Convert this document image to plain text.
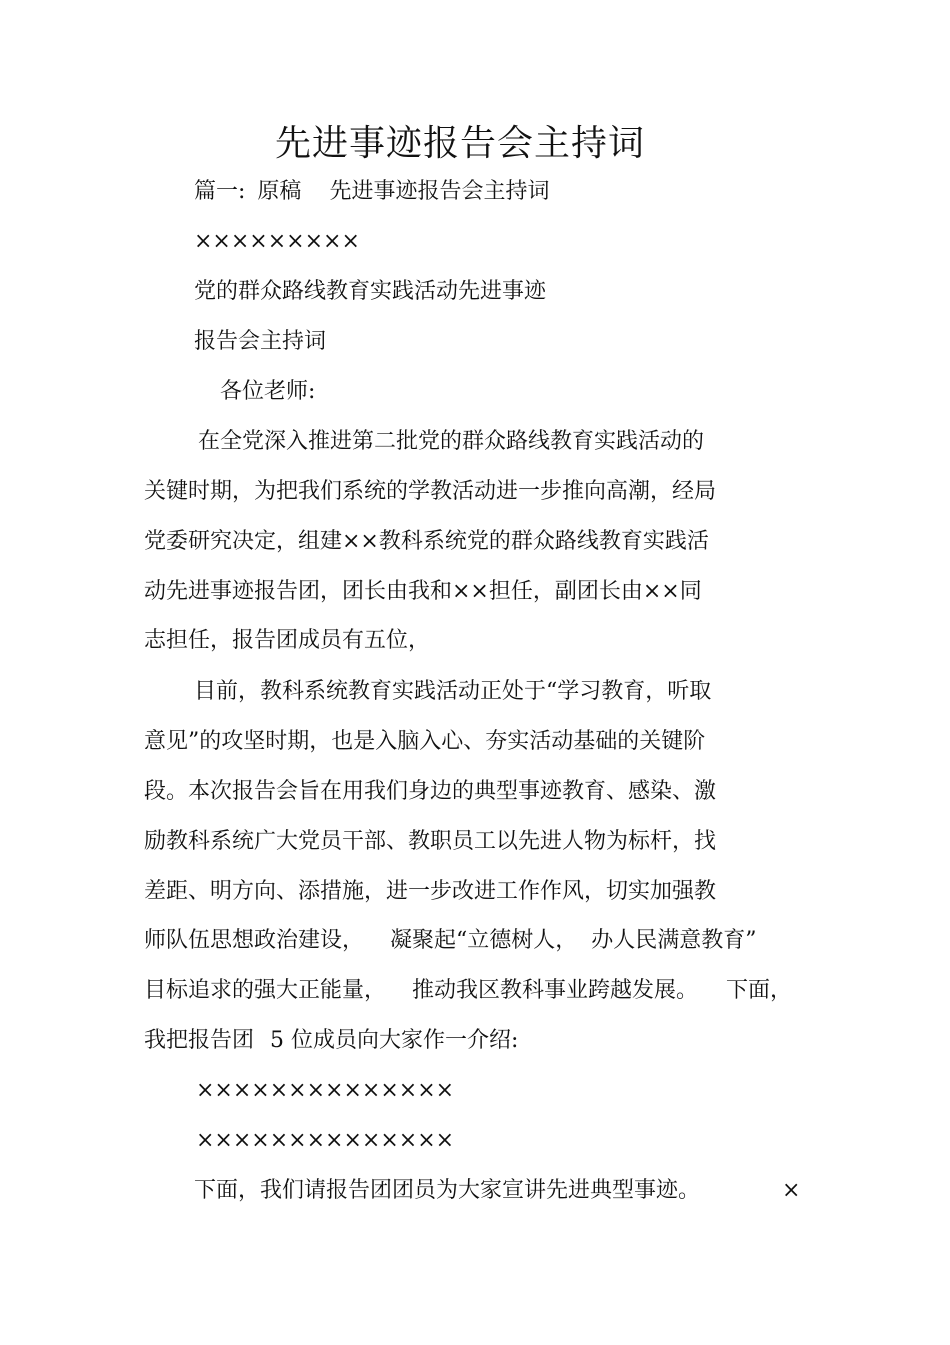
先进事迹报告会主持词
篇一: 原稿 先进事迹报告会主持词
×××××××××
党的群众路线教育实践活动先进事迹
报告会主持词
各位老师:
在全党深入推进第二批党的群众路线教育实践活动的
关键时期，为把我们系统的学教活动进一步推向高潮，经局
党委研究决定，组建××教科系统党的群众路线教育实践活
动先进事迹报告团，团长由我和××担任，副团长由××同
志担任，报告团成员有五位，
目前，教科系统教育实践活动正处于“学习教育，听取
意见”的攻坚时期，也是入脑入心、夯实活动基础的关键阶
段。本次报告会旨在用我们身边的典型事迹教育、感染、激
励教科系统广大党员干部、教职员工以先进人物为标杆，找
差距、明方向、添措施，进一步改进工作作风，切实加强教
师队伍思想政治建设， 凝聚起“立德树人， 办人民满意教育”
目标追求的强大正能量， 推动我区教科事业跨越发展。 下面，
我把报告团 5 位成员向大家作一介绍:
××××××××××××××
××××××××××××××
下面，我们请报告团团员为大家宣讲先进典型事迹。	×
